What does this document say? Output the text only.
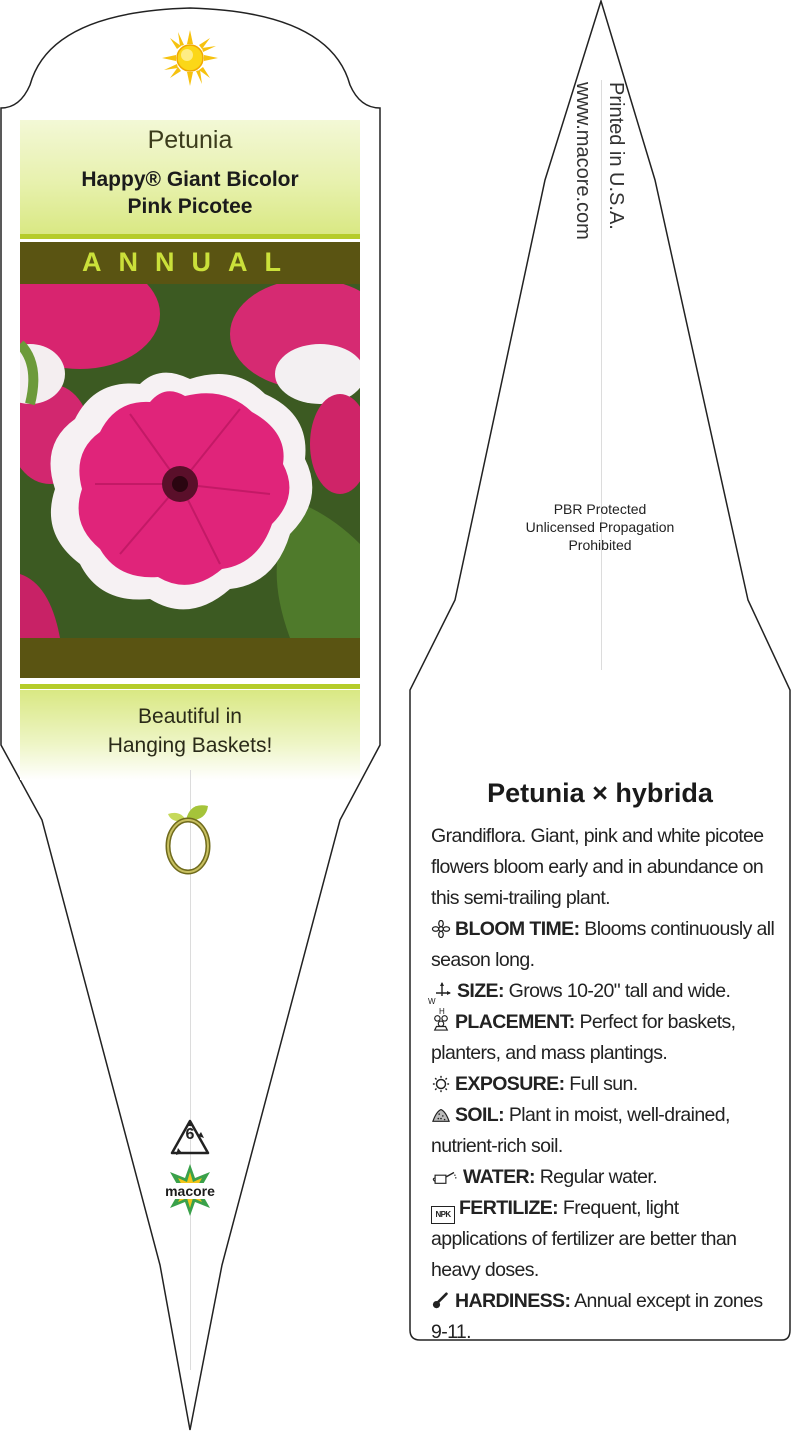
Petunia
Happy® Giant Bicolor
Pink Picotee
ANNUAL
Beautiful in
Hanging Baskets!
6
macore
Printed in U.S.A.
www.macore.com
PBR Protected
Unlicensed Propagation
Prohibited
Petunia × hybrida

Grandiflora. Giant, pink and white picotee flowers bloom early and in abundance on this semi-trailing plant.

BLOOM TIME: Blooms continuously all season long.

W
H
SIZE: Grows 10-20" tall and wide.

PLACEMENT: Perfect for baskets, planters, and mass plantings.

EXPOSURE: Full sun.

SOIL: Plant in moist, well-drained, nutrient-rich soil.

WATER: Regular water.

NPK FERTILIZE: Frequent, light applications of fertilizer are better than heavy doses.

HARDINESS: Annual except in zones 9-11.
